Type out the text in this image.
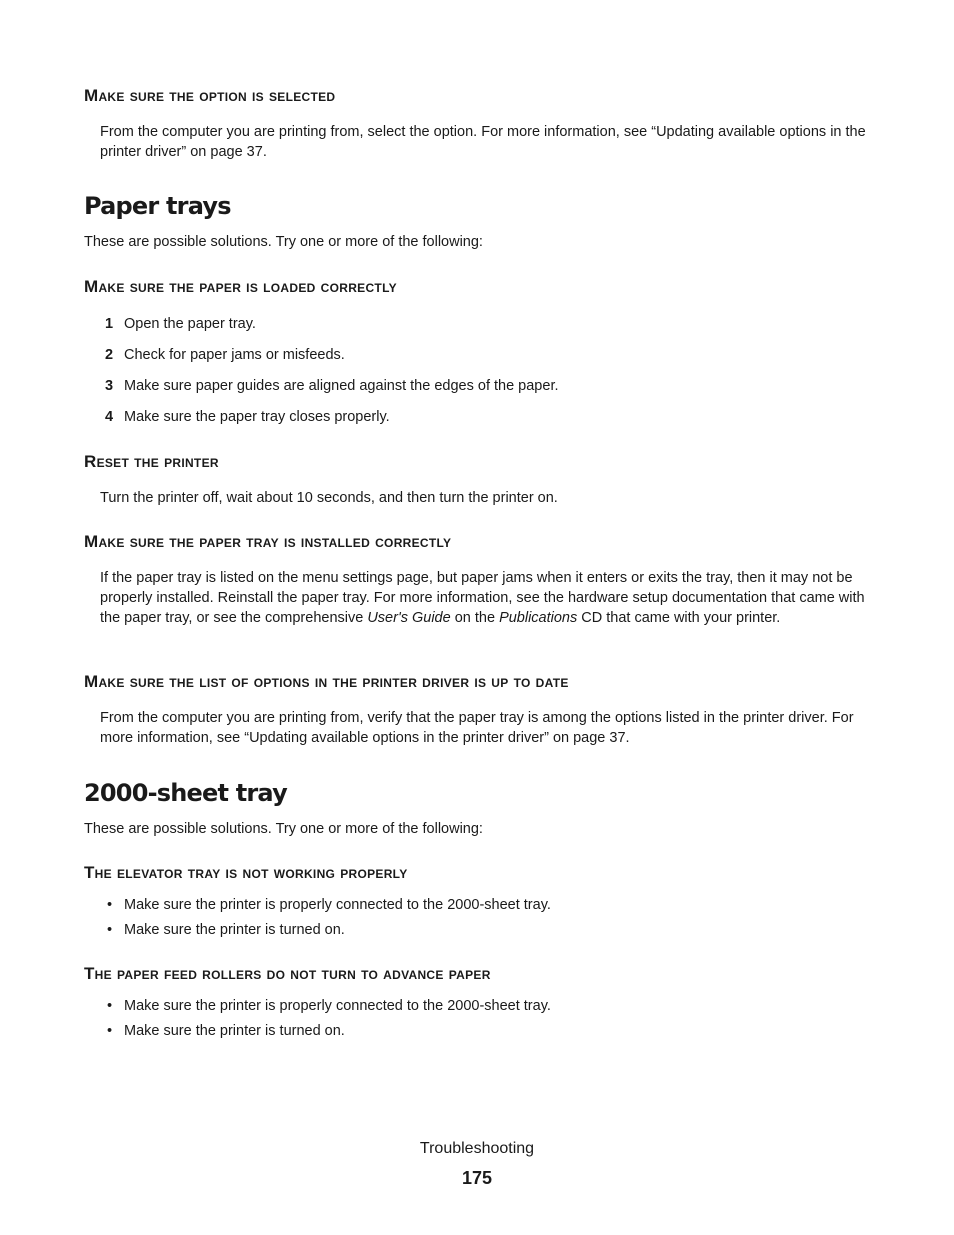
Make sure the option is selected
From the computer you are printing from, select the option. For more information, see “Updating available options in the printer driver” on page 37.
Paper trays
These are possible solutions. Try one or more of the following:
Make sure the paper is loaded correctly
1 Open the paper tray.
2 Check for paper jams or misfeeds.
3 Make sure paper guides are aligned against the edges of the paper.
4 Make sure the paper tray closes properly.
Reset the printer
Turn the printer off, wait about 10 seconds, and then turn the printer on.
Make sure the paper tray is installed correctly
If the paper tray is listed on the menu settings page, but paper jams when it enters or exits the tray, then it may not be properly installed. Reinstall the paper tray. For more information, see the hardware setup documentation that came with the paper tray, or see the comprehensive User's Guide on the Publications CD that came with your printer.
Make sure the list of options in the printer driver is up to date
From the computer you are printing from, verify that the paper tray is among the options listed in the printer driver. For more information, see “Updating available options in the printer driver” on page 37.
2000-sheet tray
These are possible solutions. Try one or more of the following:
The elevator tray is not working properly
• Make sure the printer is properly connected to the 2000-sheet tray.
• Make sure the printer is turned on.
The paper feed rollers do not turn to advance paper
• Make sure the printer is properly connected to the 2000-sheet tray.
• Make sure the printer is turned on.
Troubleshooting
175
